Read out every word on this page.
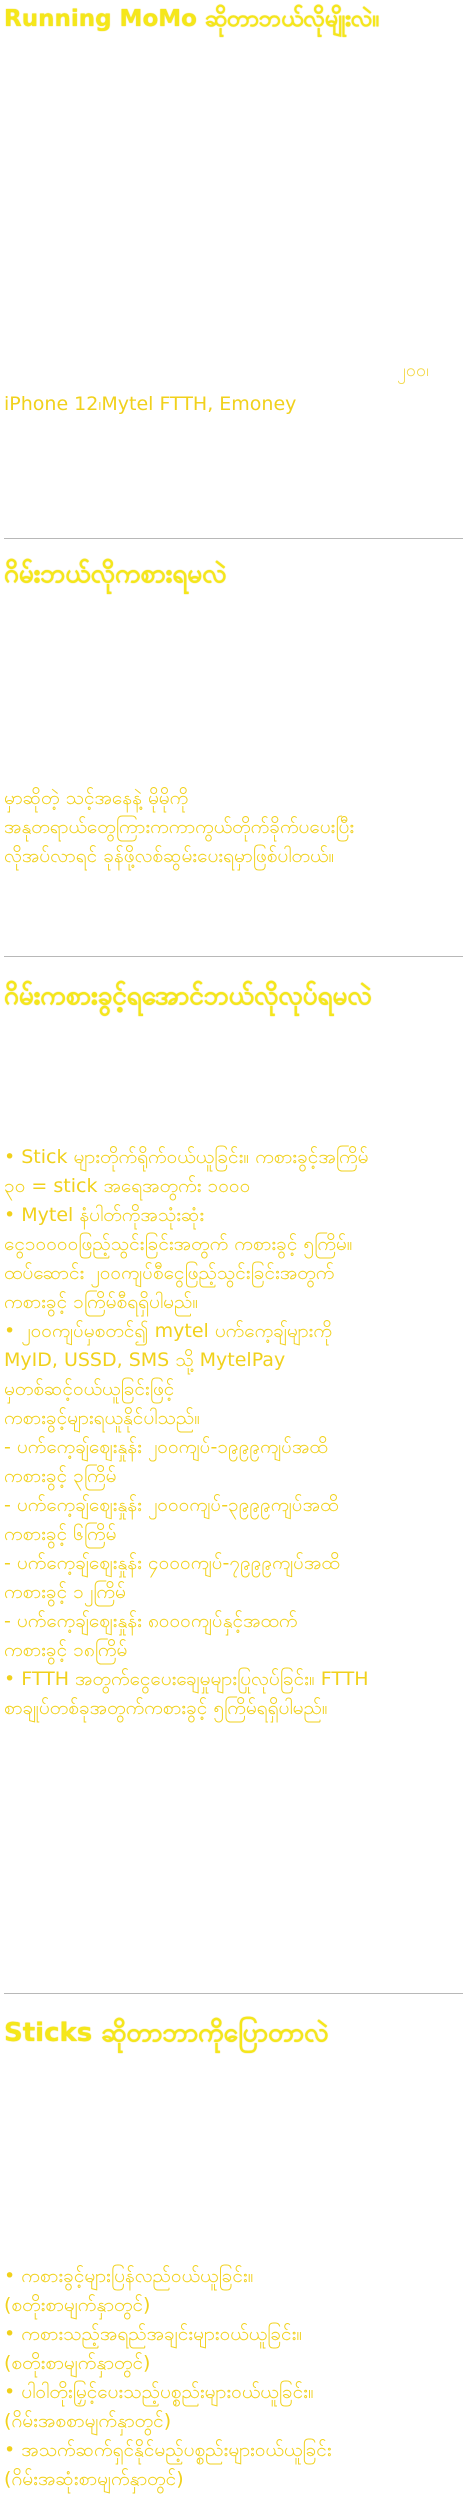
Running MoMo ဆိုတာဘယ်လိုမျိုးလဲ။
၂၀၀၊
iPhone 12၊Mytel FTTH, Emoney
ဂိမ်းဘယ်လိုကစားရမလဲ

မှာဆိုတဲ့ သင့်အနေနဲ့ မိုမိုကို

အနုတရာယ်တွေကြားကကာကွယ်တိုက်ခိုက်ပပေးပြီး

လိုအပ်လာရင် ခုန်ဖို့လစ်ဆွမ်းပေးရမှာဖြစ်ပါတယ်။

ဂိမ်းကစားခွင့်ရအောင်ဘယ်လိုလုပ်ရမလဲ

• Stick များတိုက်ရိုက်ဝယ်ယူခြင်း။ ကစားခွင့်အကြိမ်

၃၀ = stick အရေအတွက်း ၁၀၀၀

• Mytel နံပါတ်ကိုအသုံးဆုံး

ငွေ၁၀၀၀၀ဖြည့်သွင်းခြင်းအတွက် ကစားခွင့် ၅ကြိမ်။

ထပ်ဆောင်း ၂၀၀ကျပ်စီငွေဖြည့်သွင်းခြင်းအတွက်

ကစားခွင့် ၁ကြိမ်စီရရှိပါမည်။

• ၂၀၀ကျပ်မှစတင်၍ mytel ပက်ကေ့ချ်များကို

MyID, USSD, SMS သို့ MytelPay

မှတစ်ဆင့်ဝယ်ယူခြင်းဖြင့်

ကစားခွင့်များရယူနိုင်ပါသည်။

- ပက်ကေ့ချ်ဈေးနှုန်း ၂၀၀ကျပ်-၁၉၉၉ကျပ်အထိ

ကစားခွင့် ၃ကြိမ်

- ပက်ကေ့ချ်ဈေးနှုန်း ၂၀၀၀ကျပ်-၃၉၉၉ကျပ်အထိ

ကစားခွင့် ၆ကြိမ်

- ပက်ကေ့ချ်ဈေးနှုန်း ၄၀၀၀ကျပ်-၇၉၉၉ကျပ်အထိ

ကစားခွင့် ၁၂ကြိမ်

- ပက်ကေ့ချ်ဈေးနှုန်း ၈၀၀၀ကျပ်နှင့်အထက်

ကစားခွင့် ၁၈ကြိမ်

• FTTH အတွက်ငွေပေးချေမှုများပြုလုပ်ခြင်း။ FTTH

စာချုပ်တစ်ခုအတွက်ကစားခွင့် ၅ကြိမ်ရရှိပါမည်။

Sticks ဆိုတာဘာကိုပြောတာလဲ

• ကစားခွင့်များပြန်လည်ဝယ်ယူခြင်း။

(စတိုးစာမျက်နှာတွင်)

• ကစားသည့်အရည်အချင်းများဝယ်ယူခြင်း။

(စတိုးစာမျက်နှာတွင်)

• ပါဝါတိုးမြှင့်ပေးသည့်ပစ္စည်းများဝယ်ယူခြင်း။

(ဂိမ်းအစစာမျက်နှာတွင်)

• အသက်ဆက်ရှင်နိုင်မည့်ပစ္စည်းများဝယ်ယူခြင်း

(ဂိမ်းအဆုံးစာမျက်နှာတွင်)
